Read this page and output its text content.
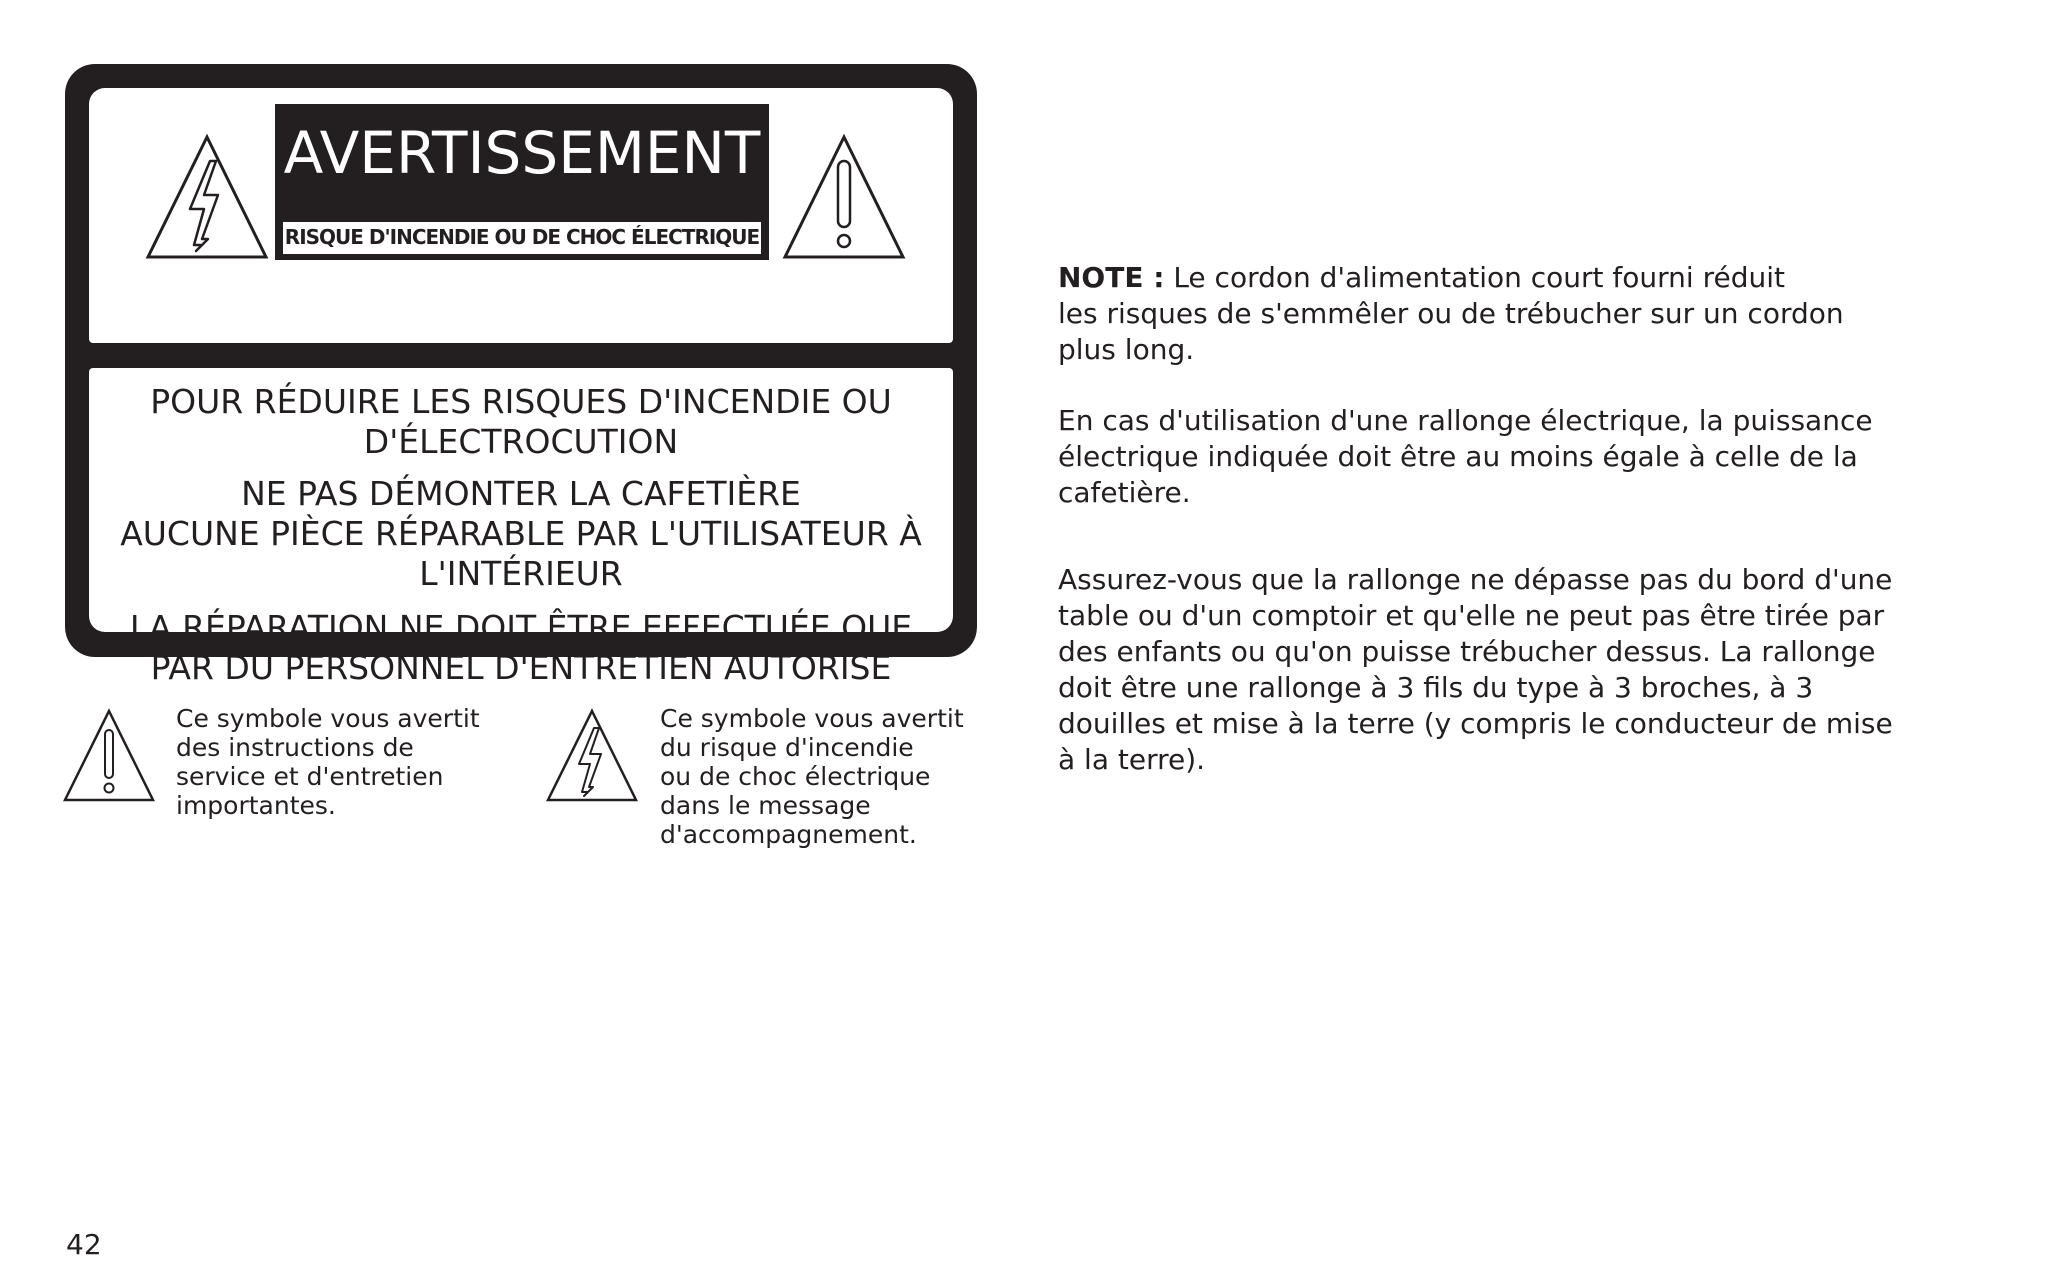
AVERTISSEMENT
RISQUE D'INCENDIE OU DE CHOC ÉLECTRIQUE
POUR RÉDUIRE LES RISQUES D'INCENDIE OU
D'ÉLECTROCUTION
NE PAS DÉMONTER LA CAFETIÈRE
AUCUNE PIÈCE RÉPARABLE PAR L'UTILISATEUR À
L'INTÉRIEUR
LA RÉPARATION NE DOIT ÊTRE EFFECTUÉE QUE
PAR DU PERSONNEL D'ENTRETIEN AUTORISÉ
Ce symbole vous avertit
des instructions de
service et d'entretien
importantes.
Ce symbole vous avertit
du risque d'incendie
ou de choc électrique
dans le message
d'accompagnement.
NOTE : Le cordon d'alimentation court fourni réduit
les risques de s'emmêler ou de trébucher sur un cordon
plus long.
En cas d'utilisation d'une rallonge électrique, la puissance
électrique indiquée doit être au moins égale à celle de la
cafetière.
Assurez-vous que la rallonge ne dépasse pas du bord d'une
table ou d'un comptoir et qu'elle ne peut pas être tirée par
des enfants ou qu'on puisse trébucher dessus. La rallonge
doit être une rallonge à 3 fils du type à 3 broches, à 3
douilles et mise à la terre (y compris le conducteur de mise
à la terre).
42
